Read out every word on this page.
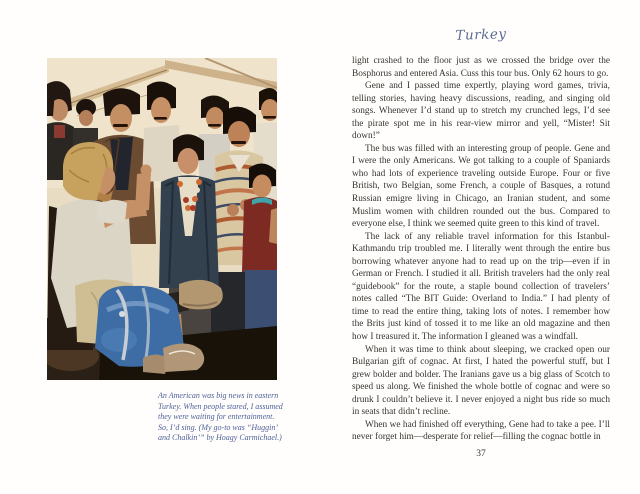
An American was big news in eastern
Turkey. When people stared, I assumed
they were waiting for entertainment.
So, I’d sing. (My go-to was “Huggin’
and Chalkin’” by Hoagy Carmichael.)
Turkey

light crashed to the floor just as we crossed the bridge over the Bosphorus and entered Asia. Cuss this tour bus. Only 62 hours to go.

Gene and I passed time expertly, playing word games, trivia, telling stories, having heavy discussions, reading, and singing old songs. Whenever I’d stand up to stretch my crunched legs, I’d see the pirate spot me in his rear-view mirror and yell, “Mister! Sit down!”

The bus was filled with an interesting group of people. Gene and I were the only Americans. We got talking to a couple of Spaniards who had lots of experience traveling outside Europe. Four or five British, two Belgian, some French, a couple of Basques, a rotund Russian emigre living in Chicago, an Iranian student, and some Muslim women with children rounded out the bus. Compared to everyone else, I think we seemed quite green to this kind of travel.

The lack of any reliable travel information for this Istanbul-Kathmandu trip troubled me. I literally went through the entire bus borrowing whatever anyone had to read up on the trip—even if in German or French. I studied it all. British travelers had the only real “guidebook” for the route, a staple bound collection of travelers’ notes called “The BIT Guide: Overland to India.” I had plenty of time to read the entire thing, taking lots of notes. I remember how the Brits just kind of tossed it to me like an old magazine and then how I treasured it. The information I gleaned was a windfall.

When it was time to think about sleeping, we cracked open our Bulgarian gift of cognac. At first, I hated the powerful stuff, but I grew bolder and bolder. The Iranians gave us a big glass of Scotch to speed us along. We finished the whole bottle of cognac and were so drunk I couldn’t believe it. I never enjoyed a night bus ride so much in seats that didn’t recline.

When we had finished off everything, Gene had to take a pee. I’ll never forget him—desperate for relief—filling the cognac bottle in

37
